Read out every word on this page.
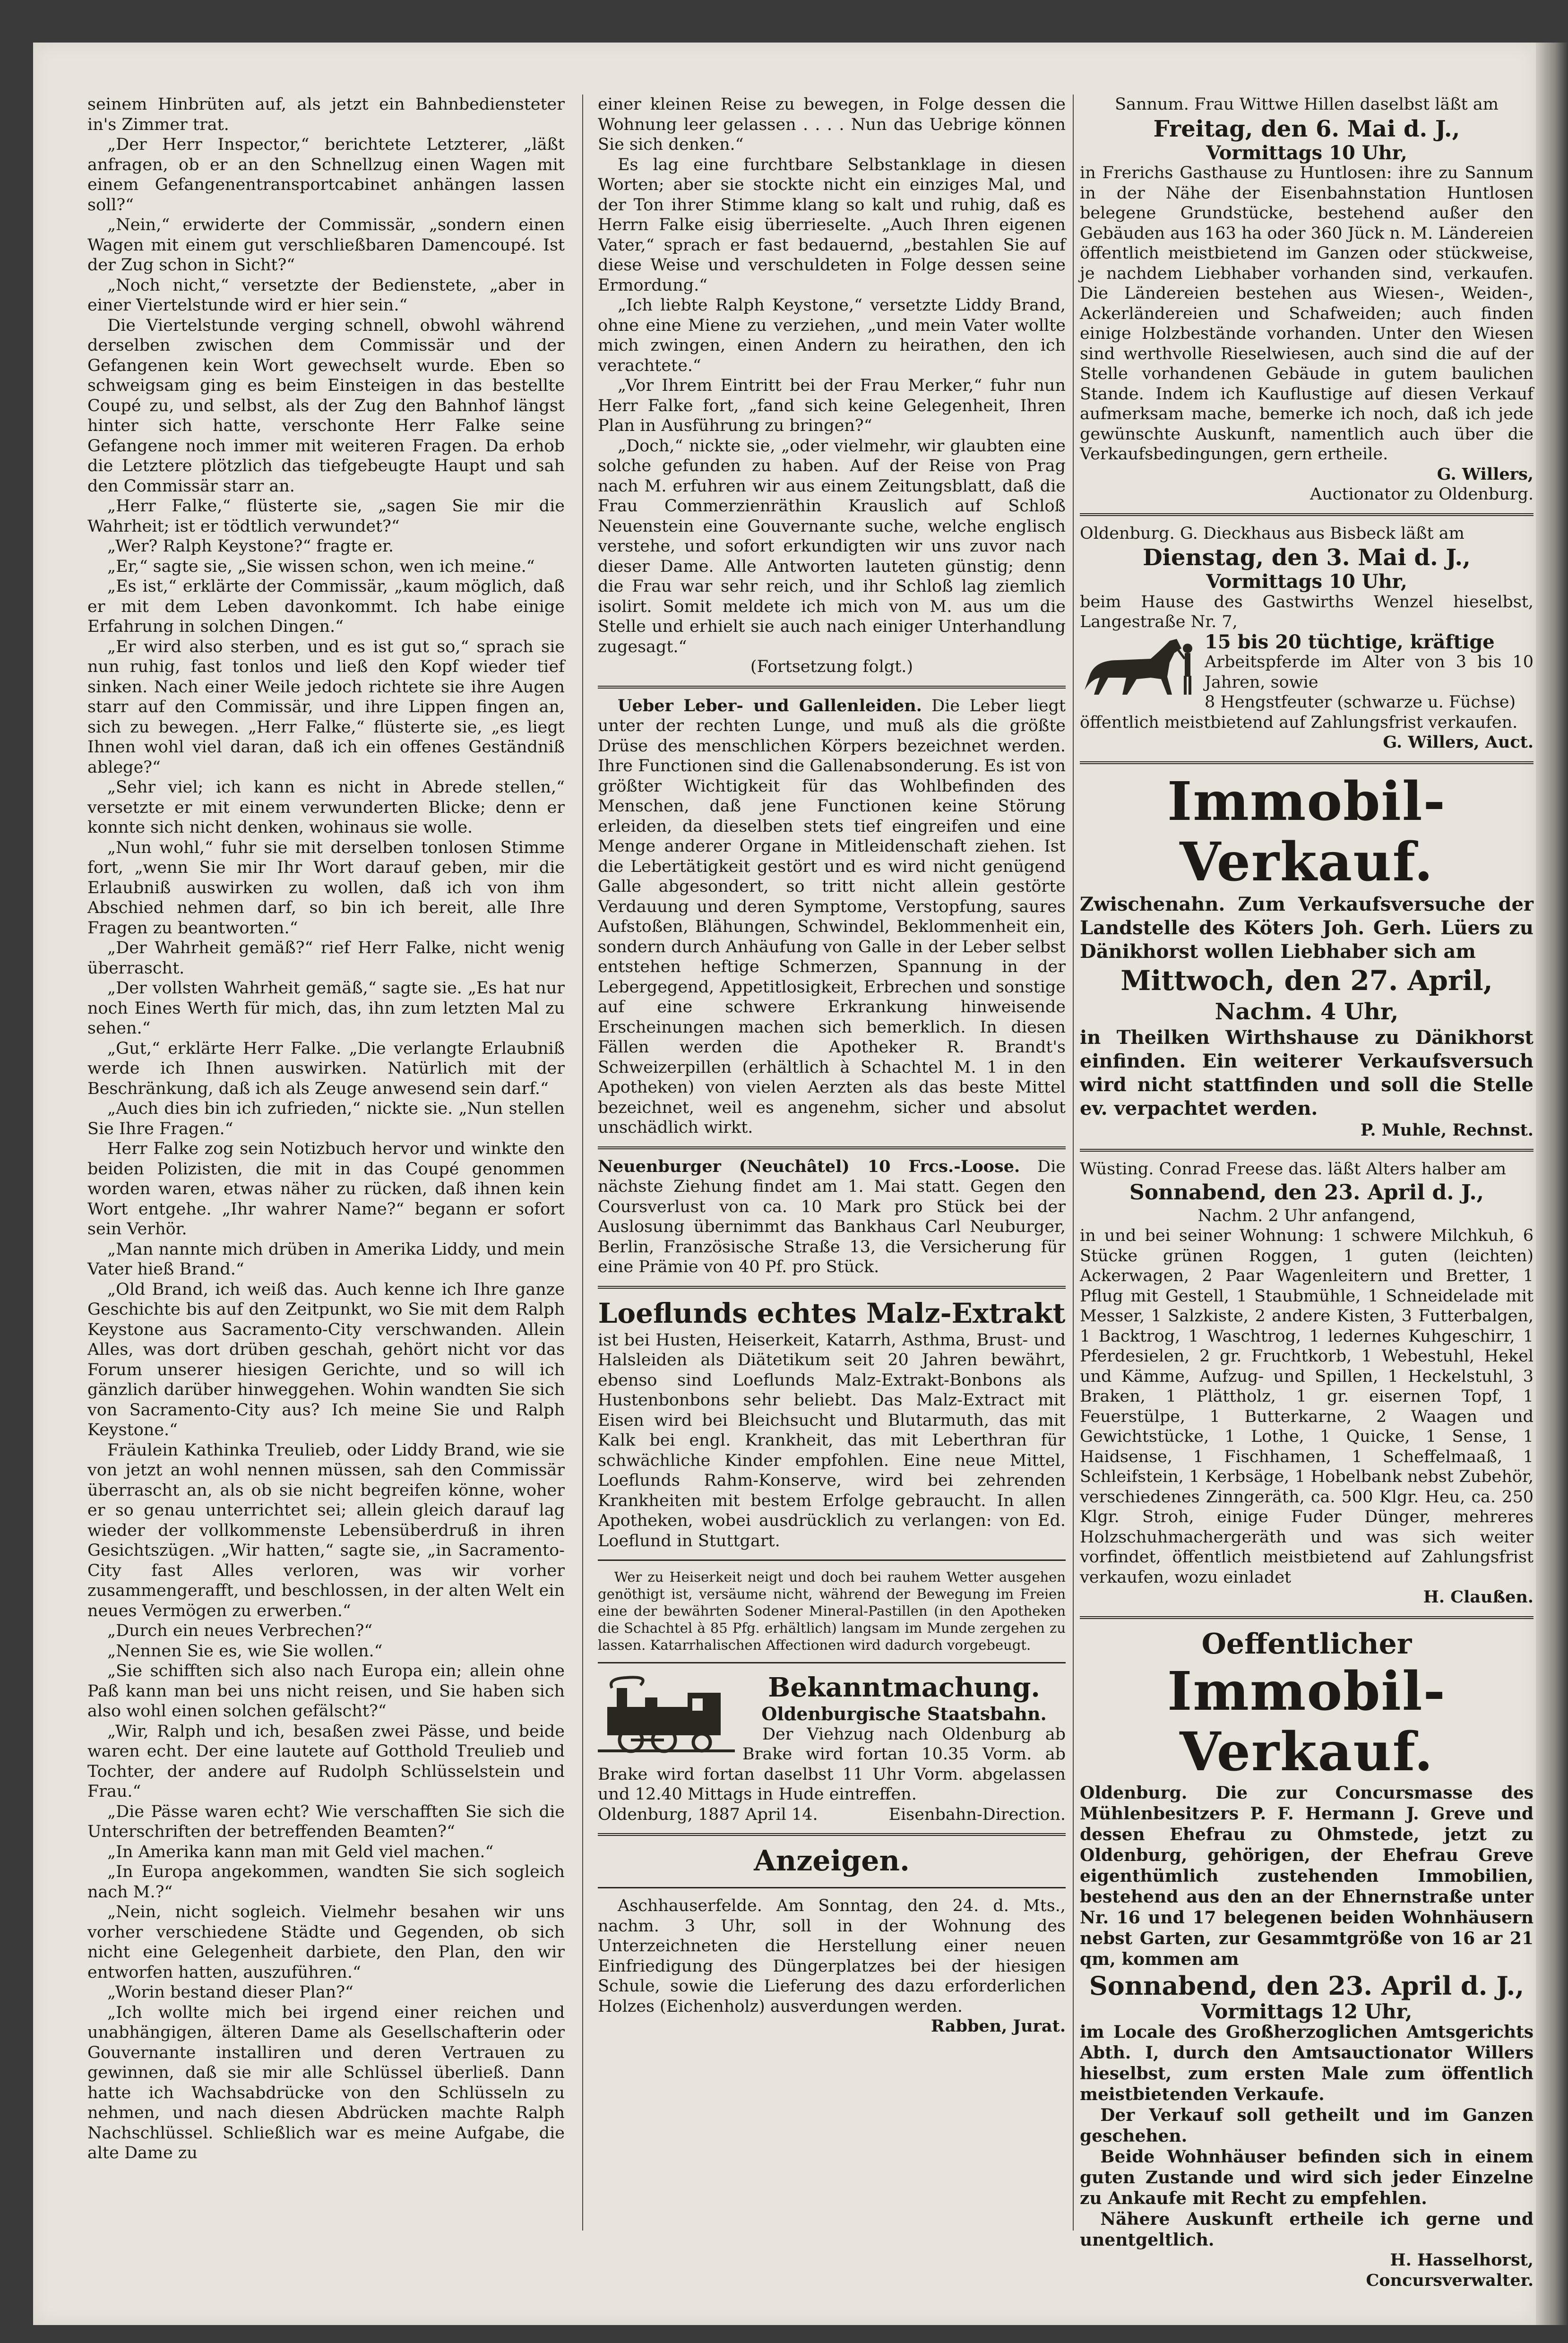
seinem Hinbrüten auf, als jetzt ein Bahnbediensteter in's Zimmer trat.

„Der Herr Inspector,“ berichtete Letzterer, „läßt anfragen, ob er an den Schnellzug einen Wagen mit einem Gefangenentransportcabinet anhängen lassen soll?“

„Nein,“ erwiderte der Commissär, „sondern einen Wagen mit einem gut verschließbaren Damencoupé. Ist der Zug schon in Sicht?“

„Noch nicht,“ versetzte der Bedienstete, „aber in einer Viertelstunde wird er hier sein.“

Die Viertelstunde verging schnell, obwohl während derselben zwischen dem Commissär und der Gefangenen kein Wort gewechselt wurde. Eben so schweigsam ging es beim Einsteigen in das bestellte Coupé zu, und selbst, als der Zug den Bahnhof längst hinter sich hatte, verschonte Herr Falke seine Gefangene noch immer mit weiteren Fragen. Da erhob die Letztere plötzlich das tiefgebeugte Haupt und sah den Commissär starr an.

„Herr Falke,“ flüsterte sie, „sagen Sie mir die Wahrheit; ist er tödtlich verwundet?“

„Wer? Ralph Keystone?“ fragte er.

„Er,“ sagte sie, „Sie wissen schon, wen ich meine.“

„Es ist,“ erklärte der Commissär, „kaum möglich, daß er mit dem Leben davonkommt. Ich habe einige Erfahrung in solchen Dingen.“

„Er wird also sterben, und es ist gut so,“ sprach sie nun ruhig, fast tonlos und ließ den Kopf wieder tief sinken. Nach einer Weile jedoch richtete sie ihre Augen starr auf den Commissär, und ihre Lippen fingen an, sich zu bewegen. „Herr Falke,“ flüsterte sie, „es liegt Ihnen wohl viel daran, daß ich ein offenes Geständniß ablege?“

„Sehr viel; ich kann es nicht in Abrede stellen,“ versetzte er mit einem verwunderten Blicke; denn er konnte sich nicht denken, wohinaus sie wolle.

„Nun wohl,“ fuhr sie mit derselben tonlosen Stimme fort, „wenn Sie mir Ihr Wort darauf geben, mir die Erlaubniß auswirken zu wollen, daß ich von ihm Abschied nehmen darf, so bin ich bereit, alle Ihre Fragen zu beantworten.“

„Der Wahrheit gemäß?“ rief Herr Falke, nicht wenig überrascht.

„Der vollsten Wahrheit gemäß,“ sagte sie. „Es hat nur noch Eines Werth für mich, das, ihn zum letzten Mal zu sehen.“

„Gut,“ erklärte Herr Falke. „Die verlangte Erlaubniß werde ich Ihnen auswirken. Natürlich mit der Beschränkung, daß ich als Zeuge anwesend sein darf.“

„Auch dies bin ich zufrieden,“ nickte sie. „Nun stellen Sie Ihre Fragen.“

Herr Falke zog sein Notizbuch hervor und winkte den beiden Polizisten, die mit in das Coupé genommen worden waren, etwas näher zu rücken, daß ihnen kein Wort entgehe. „Ihr wahrer Name?“ begann er sofort sein Verhör.

„Man nannte mich drüben in Amerika Liddy, und mein Vater hieß Brand.“

„Old Brand, ich weiß das. Auch kenne ich Ihre ganze Geschichte bis auf den Zeitpunkt, wo Sie mit dem Ralph Keystone aus Sacramento-City verschwanden. Allein Alles, was dort drüben geschah, gehört nicht vor das Forum unserer hiesigen Gerichte, und so will ich gänzlich darüber hinweggehen. Wohin wandten Sie sich von Sacramento-City aus? Ich meine Sie und Ralph Keystone.“

Fräulein Kathinka Treulieb, oder Liddy Brand, wie sie von jetzt an wohl nennen müssen, sah den Commissär überrascht an, als ob sie nicht begreifen könne, woher er so genau unterrichtet sei; allein gleich darauf lag wieder der vollkommenste Lebensüberdruß in ihren Gesichtszügen. „Wir hatten,“ sagte sie, „in Sacramento-City fast Alles verloren, was wir vorher zusammengerafft, und beschlossen, in der alten Welt ein neues Vermögen zu erwerben.“

„Durch ein neues Verbrechen?“

„Nennen Sie es, wie Sie wollen.“

„Sie schifften sich also nach Europa ein; allein ohne Paß kann man bei uns nicht reisen, und Sie haben sich also wohl einen solchen gefälscht?“

„Wir, Ralph und ich, besaßen zwei Pässe, und beide waren echt. Der eine lautete auf Gotthold Treulieb und Tochter, der andere auf Rudolph Schlüsselstein und Frau.“

„Die Pässe waren echt? Wie verschafften Sie sich die Unterschriften der betreffenden Beamten?“

„In Amerika kann man mit Geld viel machen.“

„In Europa angekommen, wandten Sie sich sogleich nach M.?“

„Nein, nicht sogleich. Vielmehr besahen wir uns vorher verschiedene Städte und Gegenden, ob sich nicht eine Gelegenheit darbiete, den Plan, den wir entworfen hatten, auszuführen.“

„Worin bestand dieser Plan?“

„Ich wollte mich bei irgend einer reichen und unabhängigen, älteren Dame als Gesellschafterin oder Gouvernante installiren und deren Vertrauen zu gewinnen, daß sie mir alle Schlüssel überließ. Dann hatte ich Wachsabdrücke von den Schlüsseln zu nehmen, und nach diesen Abdrücken machte Ralph Nachschlüssel. Schließlich war es meine Aufgabe, die alte Dame zu

einer kleinen Reise zu bewegen, in Folge dessen die Wohnung leer gelassen . . . . Nun das Uebrige können Sie sich denken.“

Es lag eine furchtbare Selbstanklage in diesen Worten; aber sie stockte nicht ein einziges Mal, und der Ton ihrer Stimme klang so kalt und ruhig, daß es Herrn Falke eisig überrieselte. „Auch Ihren eigenen Vater,“ sprach er fast bedauernd, „bestahlen Sie auf diese Weise und verschuldeten in Folge dessen seine Ermordung.“

„Ich liebte Ralph Keystone,“ versetzte Liddy Brand, ohne eine Miene zu verziehen, „und mein Vater wollte mich zwingen, einen Andern zu heirathen, den ich verachtete.“

„Vor Ihrem Eintritt bei der Frau Merker,“ fuhr nun Herr Falke fort, „fand sich keine Gelegenheit, Ihren Plan in Ausführung zu bringen?“

„Doch,“ nickte sie, „oder vielmehr, wir glaubten eine solche gefunden zu haben. Auf der Reise von Prag nach M. erfuhren wir aus einem Zeitungsblatt, daß die Frau Commerzienräthin Krauslich auf Schloß Neuenstein eine Gouvernante suche, welche englisch verstehe, und sofort erkundigten wir uns zuvor nach dieser Dame. Alle Antworten lauteten günstig; denn die Frau war sehr reich, und ihr Schloß lag ziemlich isolirt. Somit meldete ich mich von M. aus um die Stelle und erhielt sie auch nach einiger Unterhandlung zugesagt.“

(Fortsetzung folgt.)

Ueber Leber- und Gallenleiden. Die Leber liegt unter der rechten Lunge, und muß als die größte Drüse des menschlichen Körpers bezeichnet werden. Ihre Functionen sind die Gallenabsonderung. Es ist von größter Wichtigkeit für das Wohlbefinden des Menschen, daß jene Functionen keine Störung erleiden, da dieselben stets tief eingreifen und eine Menge anderer Organe in Mitleidenschaft ziehen. Ist die Lebertätigkeit gestört und es wird nicht genügend Galle abgesondert, so tritt nicht allein gestörte Verdauung und deren Symptome, Verstopfung, saures Aufstoßen, Blähungen, Schwindel, Beklommenheit ein, sondern durch Anhäufung von Galle in der Leber selbst entstehen heftige Schmerzen, Spannung in der Lebergegend, Appetitlosigkeit, Erbrechen und sonstige auf eine schwere Erkrankung hinweisende Erscheinungen machen sich bemerklich. In diesen Fällen werden die Apotheker R. Brandt's Schweizerpillen (erhältlich à Schachtel M. 1 in den Apotheken) von vielen Aerzten als das beste Mittel bezeichnet, weil es angenehm, sicher und absolut unschädlich wirkt.

Neuenburger (Neuchâtel) 10 Frcs.-Loose. Die nächste Ziehung findet am 1. Mai statt. Gegen den Coursverlust von ca. 10 Mark pro Stück bei der Auslosung übernimmt das Bankhaus Carl Neuburger, Berlin, Französische Straße 13, die Versicherung für eine Prämie von 40 Pf. pro Stück.

Loeflunds echtes Malz-Extrakt

ist bei Husten, Heiserkeit, Katarrh, Asthma, Brust- und Halsleiden als Diätetikum seit 20 Jahren bewährt, ebenso sind Loeflunds Malz-Extrakt-Bonbons als Hustenbonbons sehr beliebt. Das Malz-Extract mit Eisen wird bei Bleichsucht und Blutarmuth, das mit Kalk bei engl. Krankheit, das mit Leberthran für schwächliche Kinder empfohlen. Eine neue Mittel, Loeflunds Rahm-Konserve, wird bei zehrenden Krankheiten mit bestem Erfolge gebraucht. In allen Apotheken, wobei ausdrücklich zu verlangen: von Ed. Loeflund in Stuttgart.

Wer zu Heiserkeit neigt und doch bei rauhem Wetter ausgehen genöthigt ist, versäume nicht, während der Bewegung im Freien eine der bewährten Sodener Mineral-Pastillen (in den Apotheken die Schachtel à 85 Pfg. erhältlich) langsam im Munde zergehen zu lassen. Katarrhalischen Affectionen wird dadurch vorgebeugt.

Bekanntmachung.
Oldenburgische Staatsbahn.

Der Viehzug nach Oldenburg ab Brake wird fortan 10.35 Vorm. ab Brake wird fortan daselbst 11 Uhr Vorm. abgelassen und 12.40 Mittags in Hude eintreffen.

Oldenburg, 1887 April 14.	Eisenbahn-Direction.
Anzeigen.

Aschhauserfelde. Am Sonntag, den 24. d. Mts., nachm. 3 Uhr, soll in der Wohnung des Unterzeichneten die Herstellung einer neuen Einfriedigung des Düngerplatzes bei der hiesigen Schule, sowie die Lieferung des dazu erforderlichen Holzes (Eichenholz) ausverdungen werden.

Rabben, Jurat.

Sannum. Frau Wittwe Hillen daselbst läßt am

Freitag, den 6. Mai d. J.,
Vormittags 10 Uhr,

in Frerichs Gasthause zu Huntlosen: ihre zu Sannum in der Nähe der Eisenbahnstation Huntlosen belegene Grundstücke, bestehend außer den Gebäuden aus 163 ha oder 360 Jück n. M. Ländereien öffentlich meistbietend im Ganzen oder stückweise, je nachdem Liebhaber vorhanden sind, verkaufen. Die Ländereien bestehen aus Wiesen-, Weiden-, Ackerländereien und Schafweiden; auch finden einige Holzbestände vorhanden. Unter den Wiesen sind werthvolle Rieselwiesen, auch sind die auf der Stelle vorhandenen Gebäude in gutem baulichen Stande. Indem ich Kauflustige auf diesen Verkauf aufmerksam mache, bemerke ich noch, daß ich jede gewünschte Auskunft, namentlich auch über die Verkaufsbedingungen, gern ertheile.

G. Willers,
Auctionator zu Oldenburg.

Oldenburg. G. Dieckhaus aus Bisbeck läßt am

Dienstag, den 3. Mai d. J.,
Vormittags 10 Uhr,

beim Hause des Gastwirths Wenzel hieselbst, Langestraße Nr. 7,

15 bis 20 tüchtige, kräftige
Arbeitspferde im Alter von 3 bis 10 Jahren, sowie
8 Hengstfeuter (schwarze u. Füchse)
öffentlich meistbietend auf Zahlungsfrist verkaufen.
G. Willers, Auct.
Immobil-Verkauf.

Zwischenahn. Zum Verkaufsversuche der Landstelle des Köters Joh. Gerh. Lüers zu Dänikhorst wollen Liebhaber sich am

Mittwoch, den 27. April,
Nachm. 4 Uhr,

in Theilken Wirthshause zu Dänikhorst einfinden. Ein weiterer Verkaufsversuch wird nicht stattfinden und soll die Stelle ev. verpachtet werden.

P. Muhle, Rechnst.

Wüsting. Conrad Freese das. läßt Alters halber am

Sonnabend, den 23. April d. J.,
Nachm. 2 Uhr anfangend,

in und bei seiner Wohnung: 1 schwere Milchkuh, 6 Stücke grünen Roggen, 1 guten (leichten) Ackerwagen, 2 Paar Wagenleitern und Bretter, 1 Pflug mit Gestell, 1 Staubmühle, 1 Schneidelade mit Messer, 1 Salzkiste, 2 andere Kisten, 3 Futterbalgen, 1 Backtrog, 1 Waschtrog, 1 ledernes Kuhgeschirr, 1 Pferdesielen, 2 gr. Fruchtkorb, 1 Webestuhl, Hekel und Kämme, Aufzug- und Spillen, 1 Heckelstuhl, 3 Braken, 1 Plättholz, 1 gr. eisernen Topf, 1 Feuerstülpe, 1 Butterkarne, 2 Waagen und Gewichtstücke, 1 Lothe, 1 Quicke, 1 Sense, 1 Haidsense, 1 Fischhamen, 1 Scheffelmaaß, 1 Schleifstein, 1 Kerbsäge, 1 Hobelbank nebst Zubehör, verschiedenes Zinngeräth, ca. 500 Klgr. Heu, ca. 250 Klgr. Stroh, einige Fuder Dünger, mehreres Holzschuhmachergeräth und was sich weiter vorfindet, öffentlich meistbietend auf Zahlungsfrist verkaufen, wozu einladet

H. Claußen.
Oeffentlicher
Immobil-Verkauf.

Oldenburg. Die zur Concursmasse des Mühlenbesitzers P. F. Hermann J. Greve und dessen Ehefrau zu Ohmstede, jetzt zu Oldenburg, gehörigen, der Ehefrau Greve eigenthümlich zustehenden Immobilien, bestehend aus den an der Ehnernstraße unter Nr. 16 und 17 belegenen beiden Wohnhäusern nebst Garten, zur Gesammtgröße von 16 ar 21 qm, kommen am

Sonnabend, den 23. April d. J.,
Vormittags 12 Uhr,

im Locale des Großherzoglichen Amtsgerichts Abth. I, durch den Amtsauctionator Willers hieselbst, zum ersten Male zum öffentlich meistbietenden Verkaufe.

Der Verkauf soll getheilt und im Ganzen geschehen.

Beide Wohnhäuser befinden sich in einem guten Zustande und wird sich jeder Einzelne zu Ankaufe mit Recht zu empfehlen.

Nähere Auskunft ertheile ich gerne und unentgeltlich.

H. Hasselhorst,
Concursverwalter.
